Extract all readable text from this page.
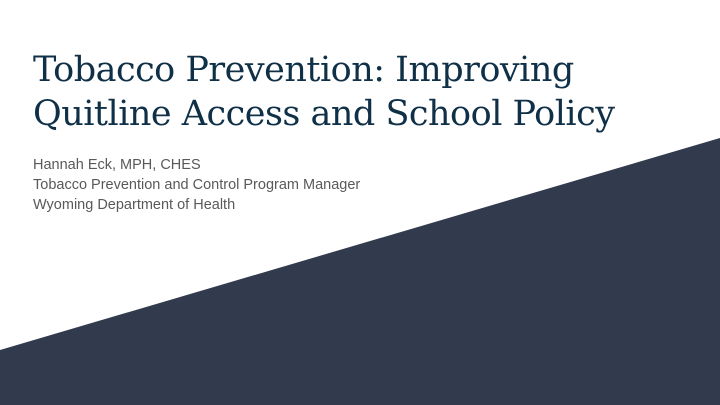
Tobacco Prevention: Improving
Quitline Access and School Policy
Hannah Eck, MPH, CHES
Tobacco Prevention and Control Program Manager
Wyoming Department of Health
